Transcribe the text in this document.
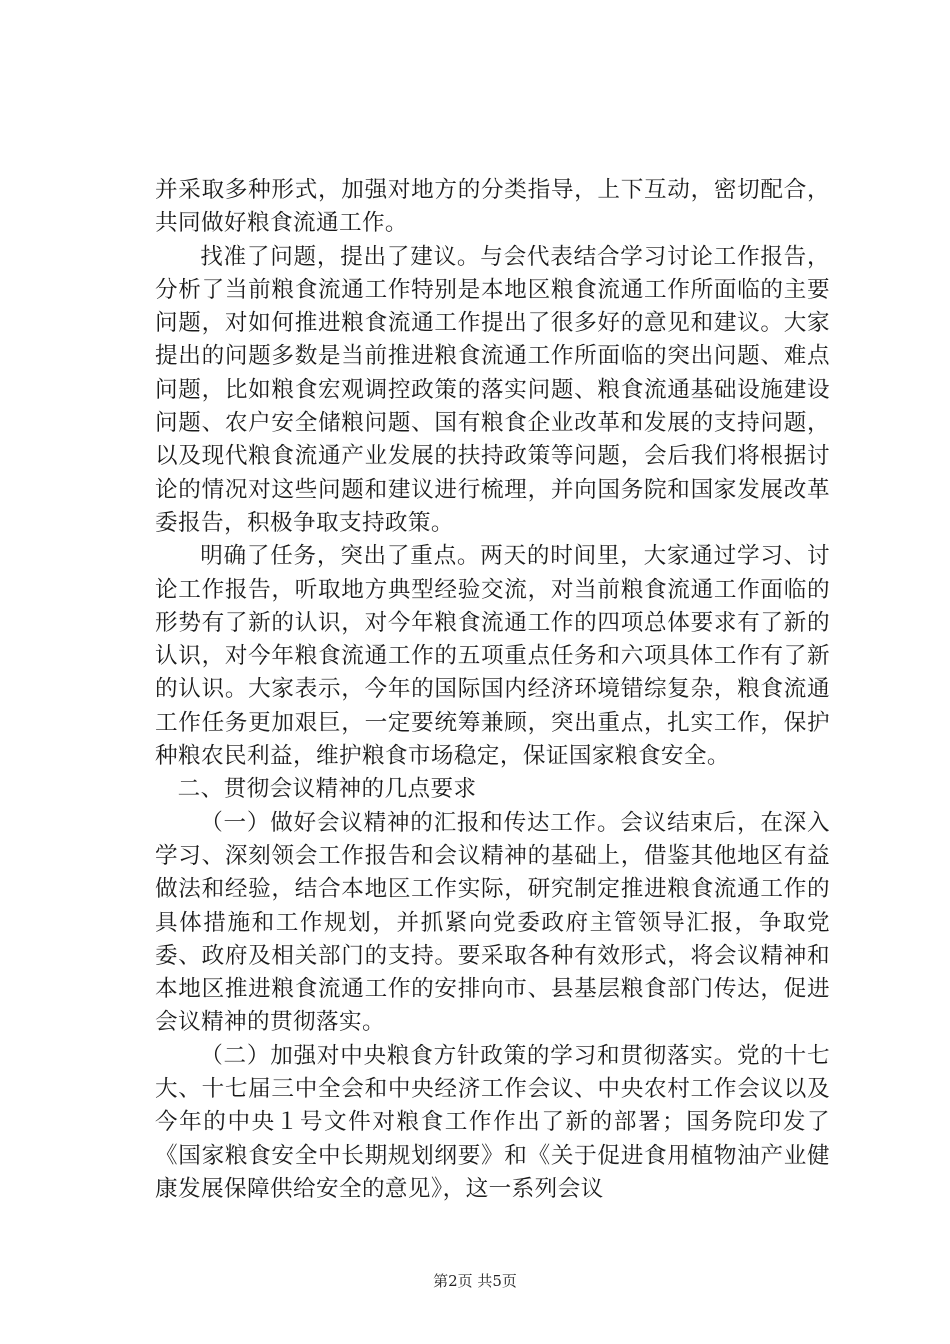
并采取多种形式，加强对地方的分类指导，上下互动，密切配合，共同做好粮食流通工作。

找准了问题，提出了建议。与会代表结合学习讨论工作报告，分析了当前粮食流通工作特别是本地区粮食流通工作所面临的主要问题，对如何推进粮食流通工作提出了很多好的意见和建议。大家提出的问题多数是当前推进粮食流通工作所面临的突出问题、难点问题，比如粮食宏观调控政策的落实问题、粮食流通基础设施建设问题、农户安全储粮问题、国有粮食企业改革和发展的支持问题，以及现代粮食流通产业发展的扶持政策等问题，会后我们将根据讨论的情况对这些问题和建议进行梳理，并向国务院和国家发展改革委报告，积极争取支持政策。

明确了任务，突出了重点。两天的时间里，大家通过学习、讨论工作报告，听取地方典型经验交流，对当前粮食流通工作面临的形势有了新的认识，对今年粮食流通工作的四项总体要求有了新的认识，对今年粮食流通工作的五项重点任务和六项具体工作有了新的认识。大家表示，今年的国际国内经济环境错综复杂，粮食流通工作任务更加艰巨，一定要统筹兼顾，突出重点，扎实工作，保护种粮农民利益，维护粮食市场稳定，保证国家粮食安全。

二、贯彻会议精神的几点要求

（一）做好会议精神的汇报和传达工作。会议结束后，在深入学习、深刻领会工作报告和会议精神的基础上，借鉴其他地区有益做法和经验，结合本地区工作实际，研究制定推进粮食流通工作的具体措施和工作规划，并抓紧向党委政府主管领导汇报，争取党委、政府及相关部门的支持。要采取各种有效形式，将会议精神和本地区推进粮食流通工作的安排向市、县基层粮食部门传达，促进会议精神的贯彻落实。

（二）加强对中央粮食方针政策的学习和贯彻落实。党的十七大、十七届三中全会和中央经济工作会议、中央农村工作会议以及今年的中央１号文件对粮食工作作出了新的部署；国务院印发了《国家粮食安全中长期规划纲要》和《关于促进食用植物油产业健康发展保障供给安全的意见》，这一系列会议

第2页 共5页
